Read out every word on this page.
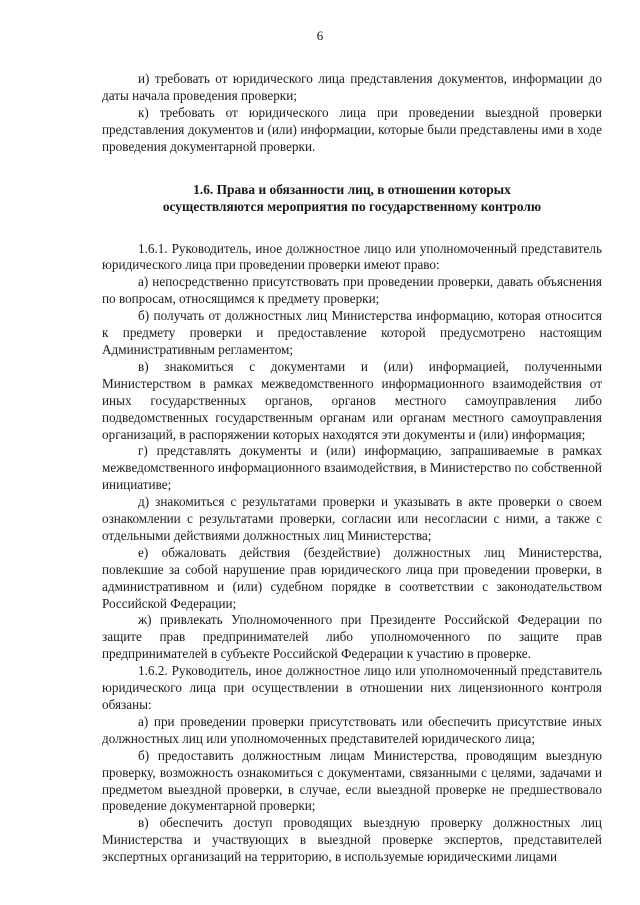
6

и) требовать от юридического лица представления документов, информации до даты начала проведения проверки;

к) требовать от юридического лица при проведении выездной проверки представления документов и (или) информации, которые были представлены ими в ходе проведения документарной проверки.

1.6. Права и обязанности лиц, в отношении которых
осуществляются мероприятия по государственному контролю

1.6.1. Руководитель, иное должностное лицо или уполномоченный представитель юридического лица при проведении проверки имеют право:

а) непосредственно присутствовать при проведении проверки, давать объяснения по вопросам, относящимся к предмету проверки;

б) получать от должностных лиц Министерства информацию, которая относится к предмету проверки и предоставление которой предусмотрено настоящим Административным регламентом;

в) знакомиться с документами и (или) информацией, полученными Министерством в рамках межведомственного информационного взаимодействия от иных государственных органов, органов местного самоуправления либо подведомственных государственным органам или органам местного самоуправления организаций, в распоряжении которых находятся эти документы и (или) информация;

г) представлять документы и (или) информацию, запрашиваемые в рамках межведомственного информационного взаимодействия, в Министерство по собственной инициативе;

д) знакомиться с результатами проверки и указывать в акте проверки о своем ознакомлении с результатами проверки, согласии или несогласии с ними, а также с отдельными действиями должностных лиц Министерства;

е) обжаловать действия (бездействие) должностных лиц Министерства, повлекшие за собой нарушение прав юридического лица при проведении проверки, в административном и (или) судебном порядке в соответствии с законодательством Российской Федерации;

ж) привлекать Уполномоченного при Президенте Российской Федерации по защите прав предпринимателей либо уполномоченного по защите прав предпринимателей в субъекте Российской Федерации к участию в проверке.

1.6.2. Руководитель, иное должностное лицо или уполномоченный представитель юридического лица при осуществлении в отношении них лицензионного контроля обязаны:

а) при проведении проверки присутствовать или обеспечить присутствие иных должностных лиц или уполномоченных представителей юридического лица;

б) предоставить должностным лицам Министерства, проводящим выездную проверку, возможность ознакомиться с документами, связанными с целями, задачами и предметом выездной проверки, в случае, если выездной проверке не предшествовало проведение документарной проверки;

в) обеспечить доступ проводящих выездную проверку должностных лиц Министерства и участвующих в выездной проверке экспертов, представителей экспертных организаций на территорию, в используемые юридическими лицами
